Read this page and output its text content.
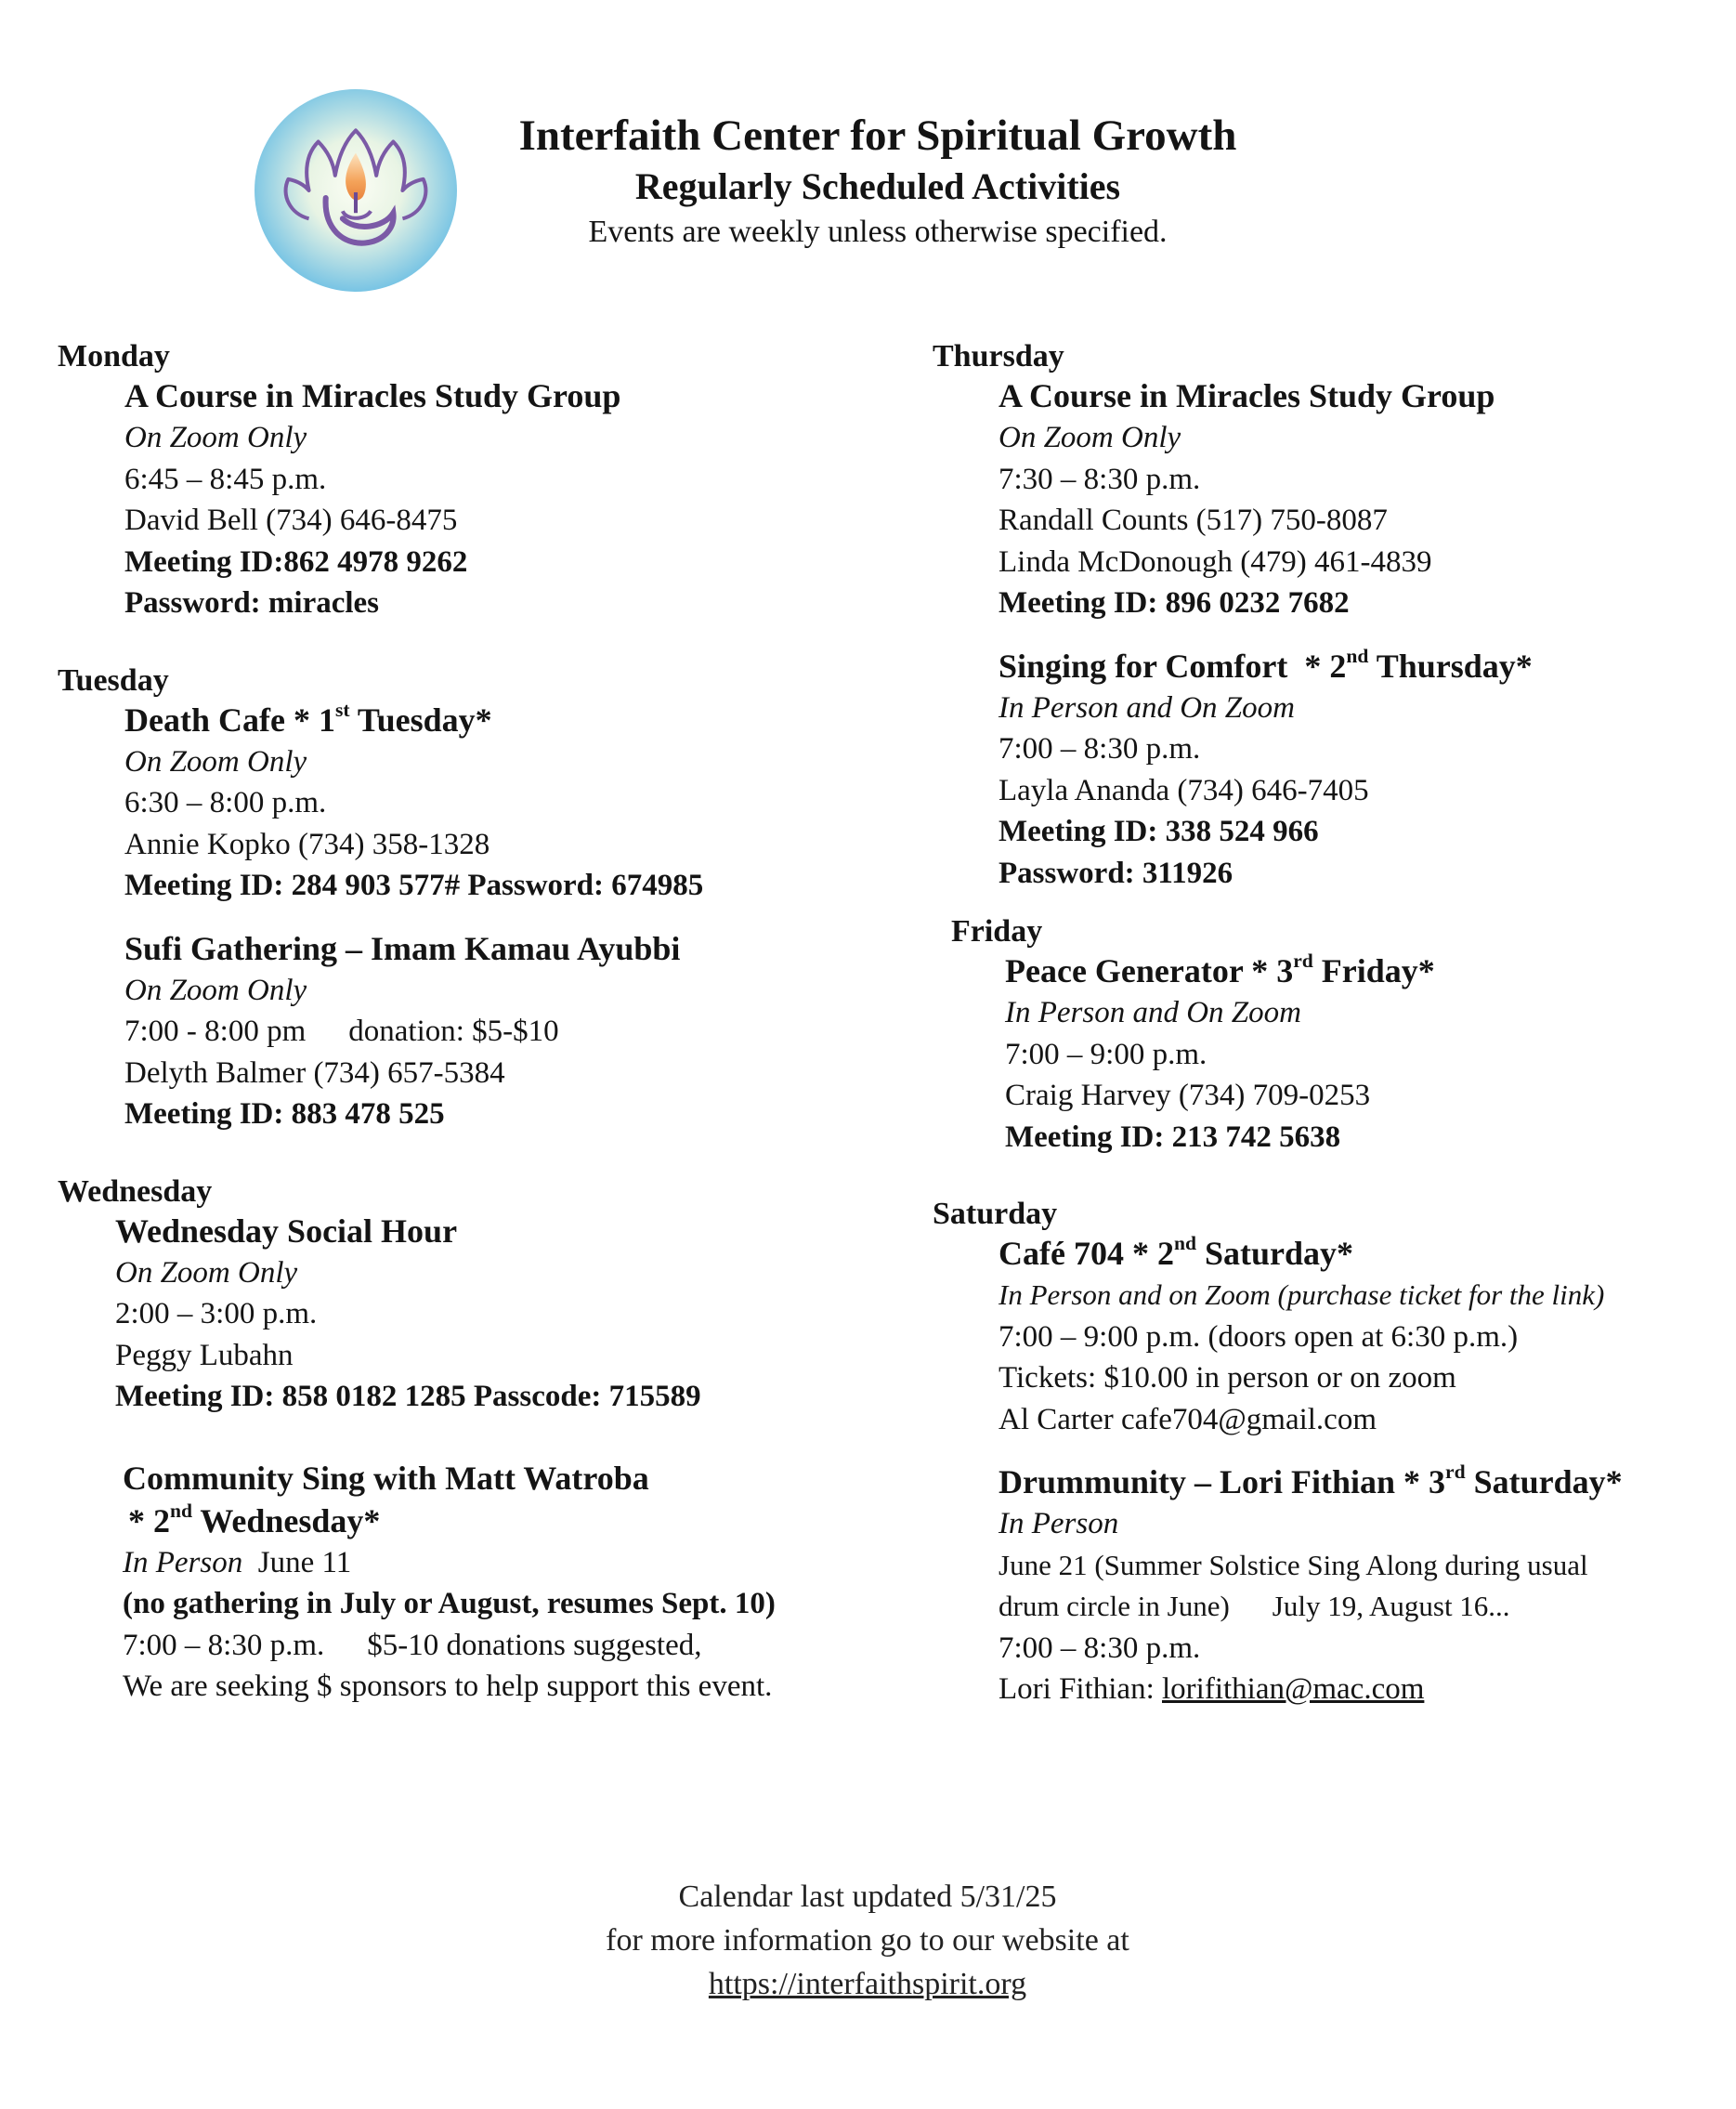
Interfaith Center for Spiritual Growth
Regularly Scheduled Activities
Events are weekly unless otherwise specified.
Monday
A Course in Miracles Study Group
On Zoom Only
6:45 – 8:45 p.m.
David Bell (734) 646-8475
Meeting ID:862 4978 9262
Password: miracles
Tuesday
Death Cafe * 1st Tuesday*
On Zoom Only
6:30 – 8:00 p.m.
Annie Kopko (734) 358-1328
Meeting ID: 284 903 577# Password: 674985
Sufi Gathering – Imam Kamau Ayubbi
On Zoom Only
7:00 - 8:00 pm donation: $5-$10
Delyth Balmer (734) 657-5384
Meeting ID: 883 478 525
Wednesday
Wednesday Social Hour
On Zoom Only
2:00 – 3:00 p.m.
Peggy Lubahn
Meeting ID: 858 0182 1285 Passcode: 715589
Community Sing with Matt Watroba
* 2nd Wednesday*
In Person June 11
(no gathering in July or August, resumes Sept. 10)
7:00 – 8:30 p.m. $5-10 donations suggested,
We are seeking $ sponsors to help support this event.
Thursday
A Course in Miracles Study Group
On Zoom Only
7:30 – 8:30 p.m.
Randall Counts (517) 750-8087
Linda McDonough (479) 461-4839
Meeting ID: 896 0232 7682
Singing for Comfort * 2nd Thursday*
In Person and On Zoom
7:00 – 8:30 p.m.
Layla Ananda (734) 646-7405
Meeting ID: 338 524 966
Password: 311926
Friday
Peace Generator * 3rd Friday*
In Person and On Zoom
7:00 – 9:00 p.m.
Craig Harvey (734) 709-0253
Meeting ID: 213 742 5638
Saturday
Café 704 * 2nd Saturday*
In Person and on Zoom (purchase ticket for the link)
7:00 – 9:00 p.m. (doors open at 6:30 p.m.)
Tickets: $10.00 in person or on zoom
Al Carter cafe704@gmail.com
Drummunity – Lori Fithian * 3rd Saturday*
In Person
June 21 (Summer Solstice Sing Along during usual
drum circle in June) July 19, August 16...
7:00 – 8:30 p.m.
Lori Fithian: lorifithian@mac.com
Calendar last updated 5/31/25
for more information go to our website at
https://interfaithspirit.org
